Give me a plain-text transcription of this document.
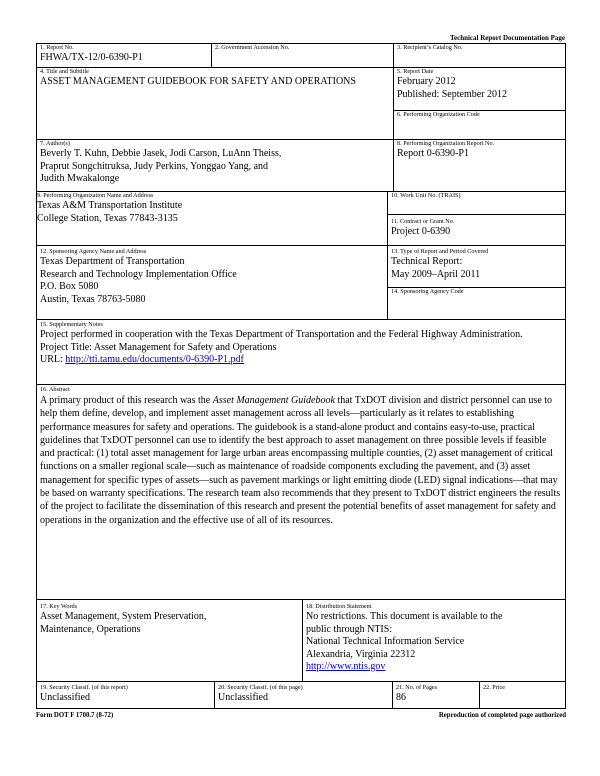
Technical Report Documentation Page
1. Report No.
FHWA/TX-12/0-6390-P1
2. Government Accession No.	3. Recipient’s Catalog No.
4. Title and Subtitle
ASSET MANAGEMENT GUIDEBOOK FOR SAFETY AND OPERATIONS
5. Report Date
February 2012
Published: September 2012
6. Performing Organization Code
7. Author(s)
Beverly T. Kuhn, Debbie Jasek, Jodi Carson, LuAnn Theiss,
Praprut Songchitruksa, Judy Perkins, Yonggao Yang, and
Judith Mwakalonge
8. Performing Organization Report No.
Report 0-6390-P1
9. Performing Organization Name and Address
Texas A&M Transportation Institute
College Station, Texas 77843-3135
10. Work Unit No. (TRAIS)
11. Contract or Grant No.
Project 0-6390
12. Sponsoring Agency Name and Address
Texas Department of Transportation
Research and Technology Implementation Office
P.O. Box 5080
Austin, Texas 78763-5080
13. Type of Report and Period Covered
Technical Report:
May 2009–April 2011
14. Sponsoring Agency Code
15. Supplementary Notes
Project performed in cooperation with the Texas Department of Transportation and the Federal Highway Administration.
Project Title: Asset Management for Safety and Operations
URL: http://tti.tamu.edu/documents/0-6390-P1.pdf
16. Abstract
A primary product of this research was the Asset Management Guidebook that TxDOT division and district personnel can use to help them define, develop, and implement asset management across all levels—particularly as it relates to establishing performance measures for safety and operations. The guidebook is a stand-alone product and contains easy-to-use, practical guidelines that TxDOT personnel can use to identify the best approach to asset management on three possible levels if feasible and practical: (1) total asset management for large urban areas encompassing multiple counties, (2) asset management of critical functions on a smaller regional scale—such as maintenance of roadside components excluding the pavement, and (3) asset management for specific types of assets—such as pavement markings or light emitting diode (LED) signal indications—that may be based on warranty specifications. The research team also recommends that they present to TxDOT district engineers the results of the project to facilitate the dissemination of this research and present the potential benefits of asset management for safety and operations in the organization and the effective use of all of its resources.
17. Key Words
Asset Management, System Preservation,
Maintenance, Operations
18. Distribution Statement
No restrictions. This document is available to the
public through NTIS:
National Technical Information Service
Alexandria, Virginia 22312
http://www.ntis.gov
19. Security Classif. (of this report)
Unclassified
20. Security Classif. (of this page)
Unclassified
21. No. of Pages
86
22. Price
Form DOT F 1700.7 (8-72)	Reproduction of completed page authorized
